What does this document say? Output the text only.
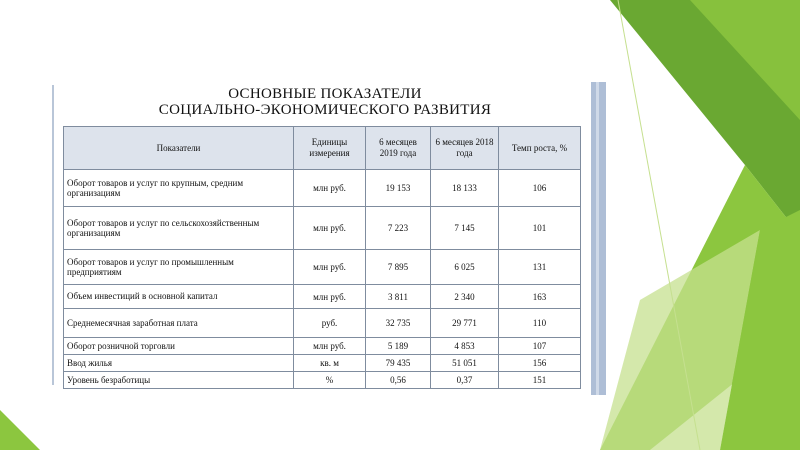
ОСНОВНЫЕ ПОКАЗАТЕЛИ
СОЦИАЛЬНО-ЭКОНОМИЧЕСКОГО РАЗВИТИЯ
Показатели	Единицы измерения	6 месяцев 2019 года	6 месяцев 2018 года	Темп роста, %
Оборот товаров и услуг по крупным, средним организациям	млн руб.	19 153	18 133	106
Оборот товаров и услуг по сельскохозяйственным организациям	млн руб.	7 223	7 145	101
Оборот товаров и услуг по промышленным предприятиям	млн руб.	7 895	6 025	131
Объем инвестиций в основной капитал	млн руб.	3 811	2 340	163
Среднемесячная заработная плата	руб.	32 735	29 771	110
Оборот розничной торговли	млн руб.	5 189	4 853	107
Ввод жилья	кв. м	79 435	51 051	156
Уровень безработицы	%	0,56	0,37	151
